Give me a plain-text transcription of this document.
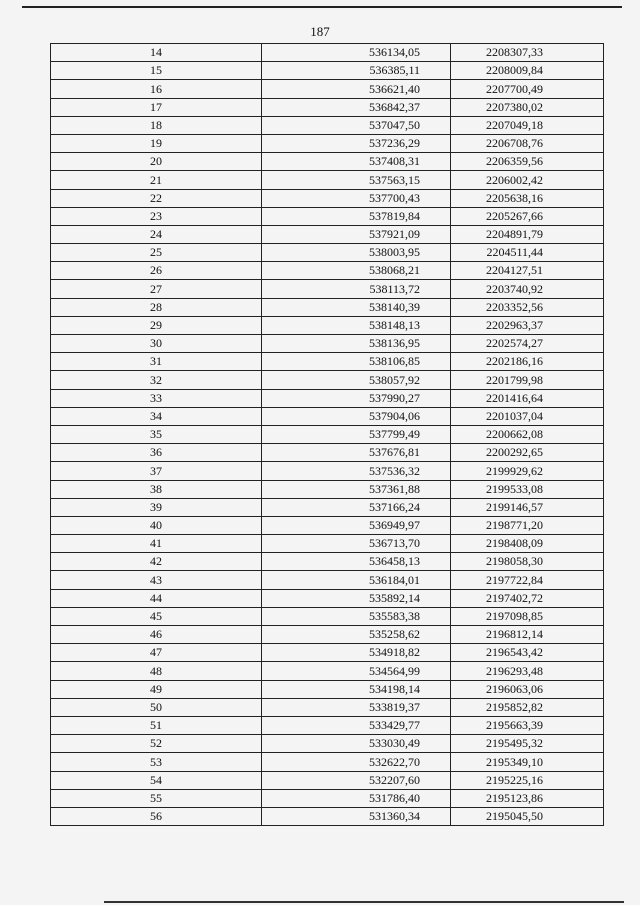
187
14	536134,05	2208307,33
15	536385,11	2208009,84
16	536621,40	2207700,49
17	536842,37	2207380,02
18	537047,50	2207049,18
19	537236,29	2206708,76
20	537408,31	2206359,56
21	537563,15	2206002,42
22	537700,43	2205638,16
23	537819,84	2205267,66
24	537921,09	2204891,79
25	538003,95	2204511,44
26	538068,21	2204127,51
27	538113,72	2203740,92
28	538140,39	2203352,56
29	538148,13	2202963,37
30	538136,95	2202574,27
31	538106,85	2202186,16
32	538057,92	2201799,98
33	537990,27	2201416,64
34	537904,06	2201037,04
35	537799,49	2200662,08
36	537676,81	2200292,65
37	537536,32	2199929,62
38	537361,88	2199533,08
39	537166,24	2199146,57
40	536949,97	2198771,20
41	536713,70	2198408,09
42	536458,13	2198058,30
43	536184,01	2197722,84
44	535892,14	2197402,72
45	535583,38	2197098,85
46	535258,62	2196812,14
47	534918,82	2196543,42
48	534564,99	2196293,48
49	534198,14	2196063,06
50	533819,37	2195852,82
51	533429,77	2195663,39
52	533030,49	2195495,32
53	532622,70	2195349,10
54	532207,60	2195225,16
55	531786,40	2195123,86
56	531360,34	2195045,50
